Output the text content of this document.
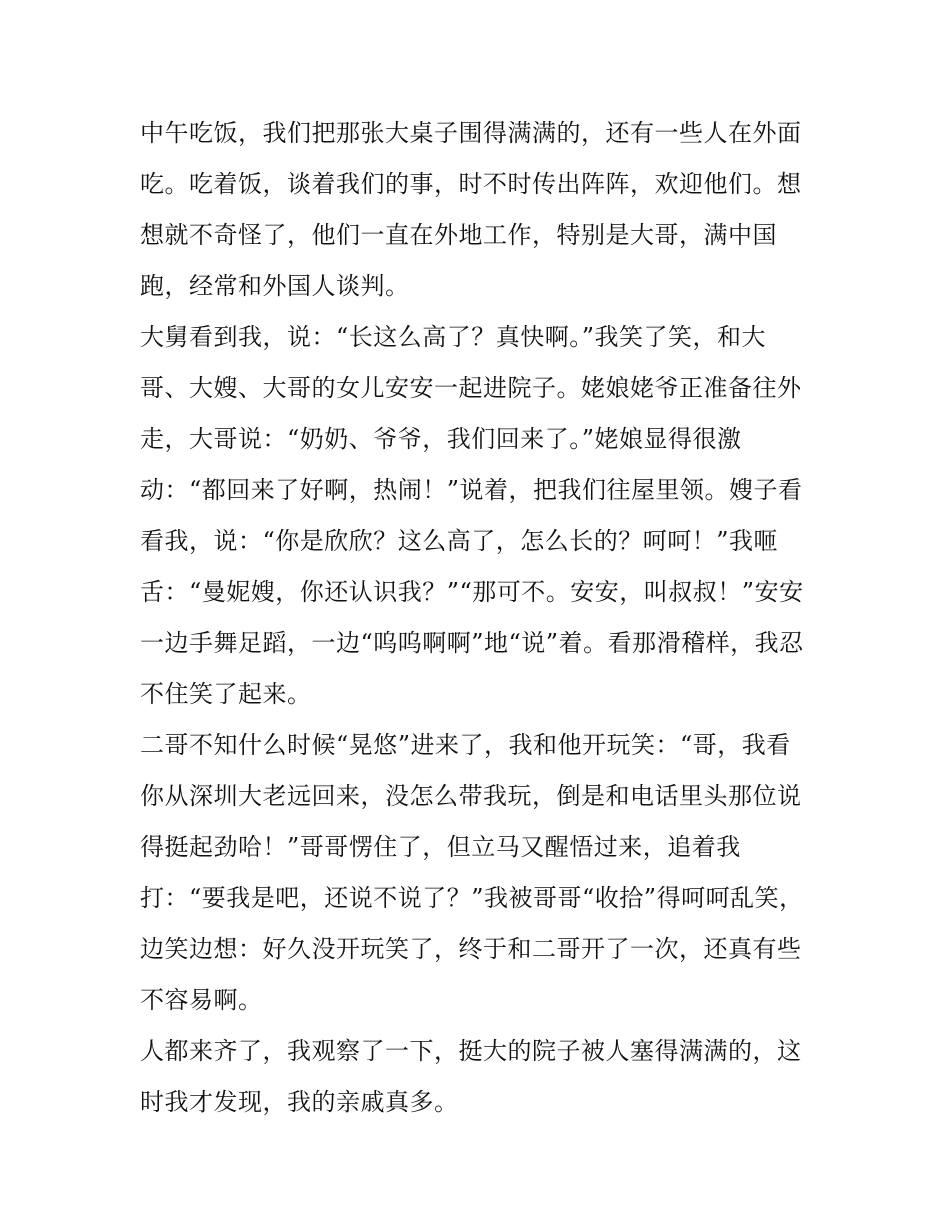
中午吃饭，我们把那张大桌子围得满满的，还有一些人在外面
吃。吃着饭，谈着我们的事，时不时传出阵阵，欢迎他们。想
想就不奇怪了，他们一直在外地工作，特别是大哥，满中国
跑，经常和外国人谈判。
大舅看到我，说：“长这么高了？真快啊。”我笑了笑，和大
哥、大嫂、大哥的女儿安安一起进院子。姥娘姥爷正准备往外
走，大哥说：“奶奶、爷爷，我们回来了。”姥娘显得很激
动：“都回来了好啊，热闹！”说着，把我们往屋里领。嫂子看
看我，说：“你是欣欣？这么高了，怎么长的？呵呵！”我咂
舌：“曼妮嫂，你还认识我？”“那可不。安安，叫叔叔！”安安
一边手舞足蹈，一边“呜呜啊啊”地“说”着。看那滑稽样，我忍
不住笑了起来。
二哥不知什么时候“晃悠”进来了，我和他开玩笑：“哥，我看
你从深圳大老远回来，没怎么带我玩，倒是和电话里头那位说
得挺起劲哈！”哥哥愣住了，但立马又醒悟过来，追着我
打：“要我是吧，还说不说了？”我被哥哥“收拾”得呵呵乱笑，
边笑边想：好久没开玩笑了，终于和二哥开了一次，还真有些
不容易啊。
人都来齐了，我观察了一下，挺大的院子被人塞得满满的，这
时我才发现，我的亲戚真多。
